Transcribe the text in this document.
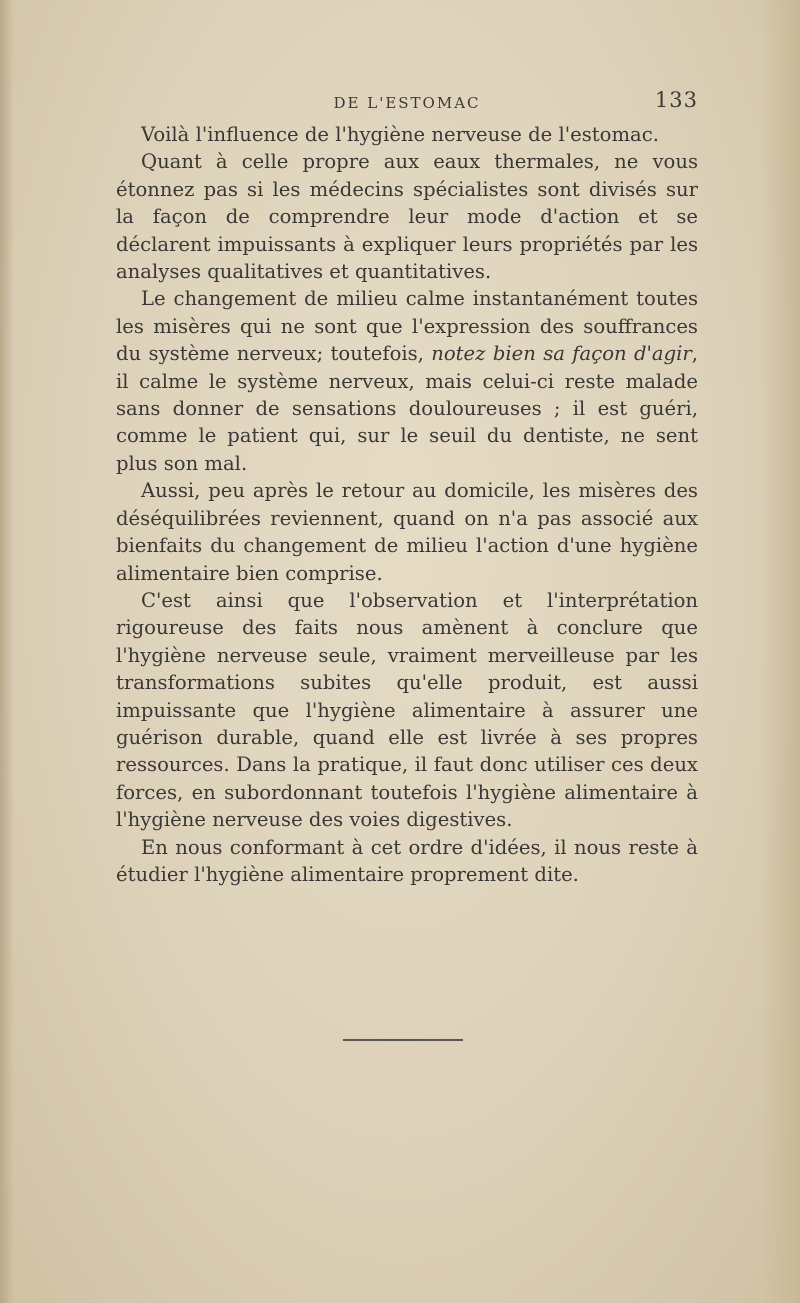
DE L'ESTOMAC	133

Voilà l'influence de l'hygiène nerveuse de l'estomac.

Quant à celle propre aux eaux thermales, ne vous étonnez pas si les médecins spécialistes sont divisés sur la façon de comprendre leur mode d'action et se déclarent impuissants à expliquer leurs propriétés par les analyses qualitatives et quantitatives.

Le changement de milieu calme instantanément toutes les misères qui ne sont que l'expression des souffrances du système nerveux; toutefois, notez bien sa façon d'agir, il calme le système nerveux, mais celui-ci reste malade sans donner de sensations douloureuses ; il est guéri, comme le patient qui, sur le seuil du dentiste, ne sent plus son mal.

Aussi, peu après le retour au domicile, les misères des déséquilibrées reviennent, quand on n'a pas associé aux bienfaits du changement de milieu l'action d'une hygiène alimentaire bien comprise.

C'est ainsi que l'observation et l'interprétation rigoureuse des faits nous amènent à conclure que l'hygiène nerveuse seule, vraiment merveilleuse par les transformations subites qu'elle produit, est aussi impuissante que l'hygiène alimentaire à assurer une guérison durable, quand elle est livrée à ses propres ressources. Dans la pratique, il faut donc utiliser ces deux forces, en subordonnant toutefois l'hygiène alimentaire à l'hygiène nerveuse des voies digestives.

En nous conformant à cet ordre d'idées, il nous reste à étudier l'hygiène alimentaire proprement dite.
